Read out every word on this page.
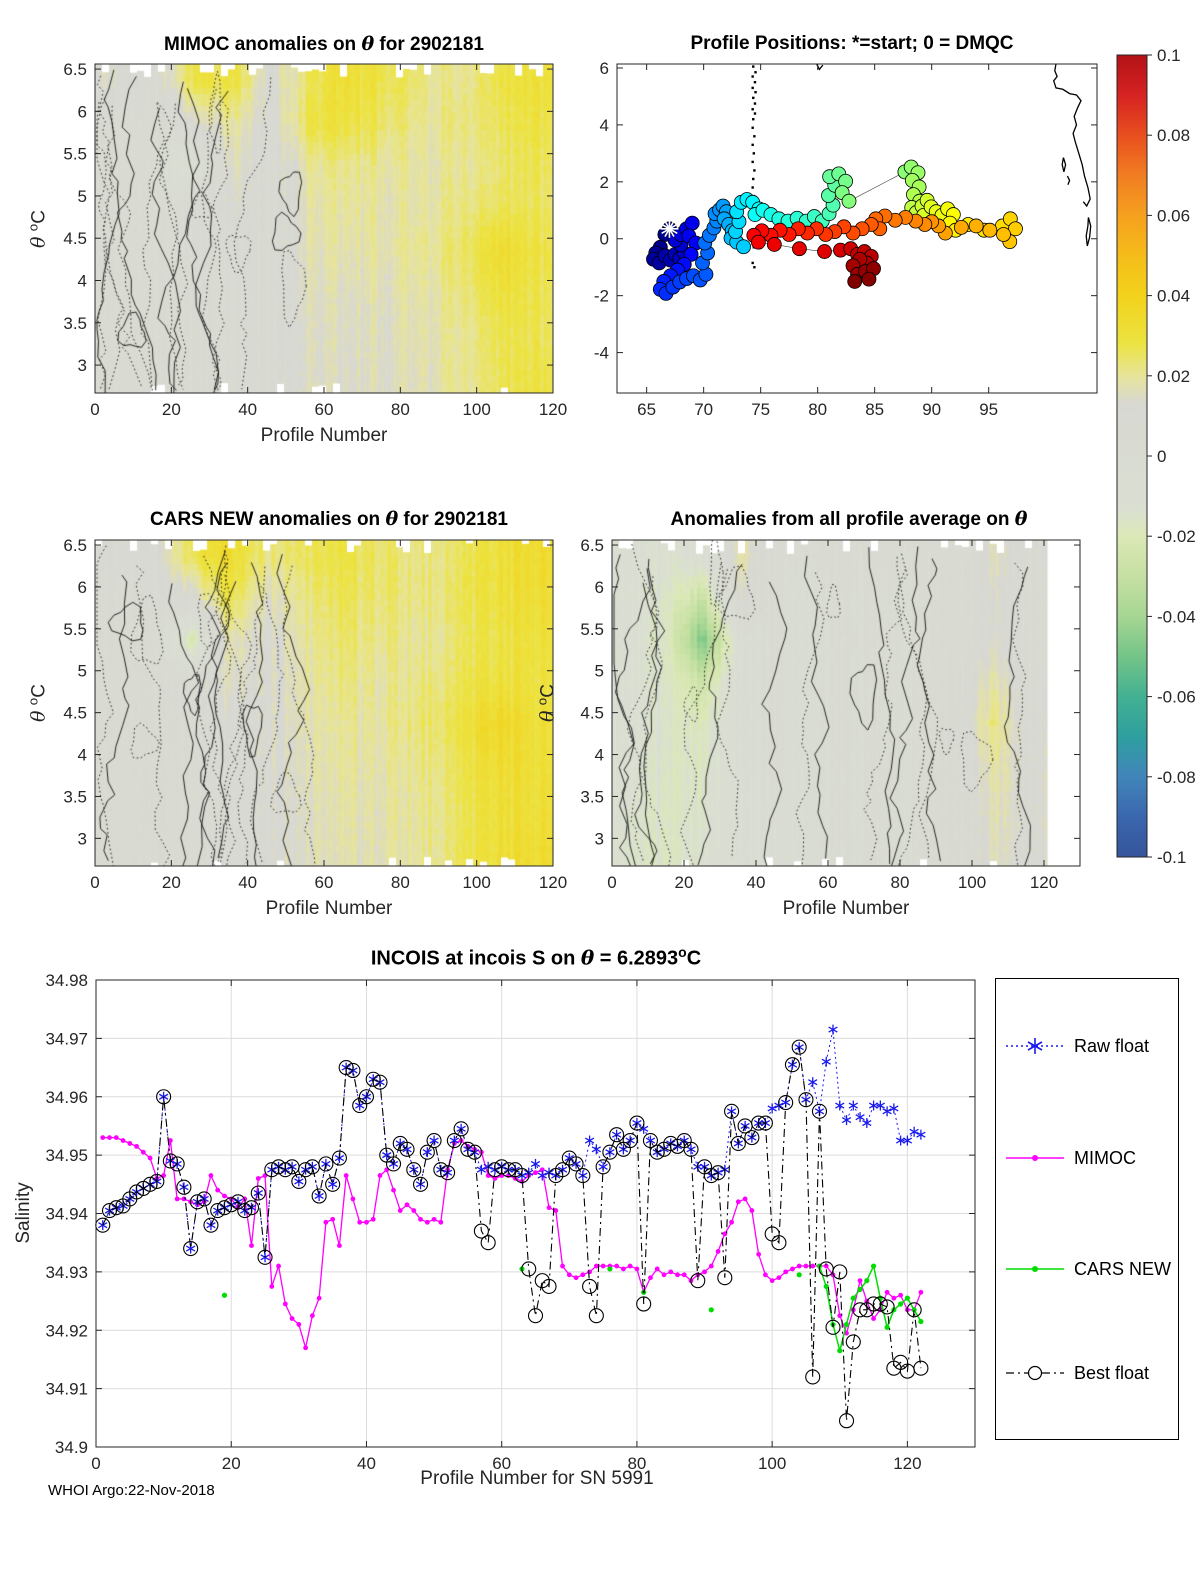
0	20	40	60	80	100	120
6.5
6
5.5
5
4.5
4
3.5
3
0	20	40	60	80	100	120
6.5
6
5.5
5
4.5
4
3.5
3
0	20	40	60	80	100	120
6.5
6
5.5
5
4.5
4
3.5
3
0.1
0.08
0.06
0.04
0.02
0
-0.02
-0.04
-0.06
-0.08
-0.1
65 70 75 80 85 90 95
-4
-2
0
2
4
6
0	20	40	60	80	100	120
34.9
34.91
34.92
34.93
34.94
34.95
34.96
34.97
34.98
MIMOC anomalies on θ for 2902181	Profile Positions: *=start; 0 = DMQC
CARS NEW anomalies on θ for 2902181	Anomalies from all profile average on θ
INCOIS at incois S on $\theta = 6.2893^oC$
Profile Number
Profile Number	Profile Number
Profile Number for SN 5991
θ $^o$C
θ $^o$C
θ $^o$C
Salinity
Raw float
MIMOC
CARS NEW
Best float
WHOI Argo:22-Nov-2018
